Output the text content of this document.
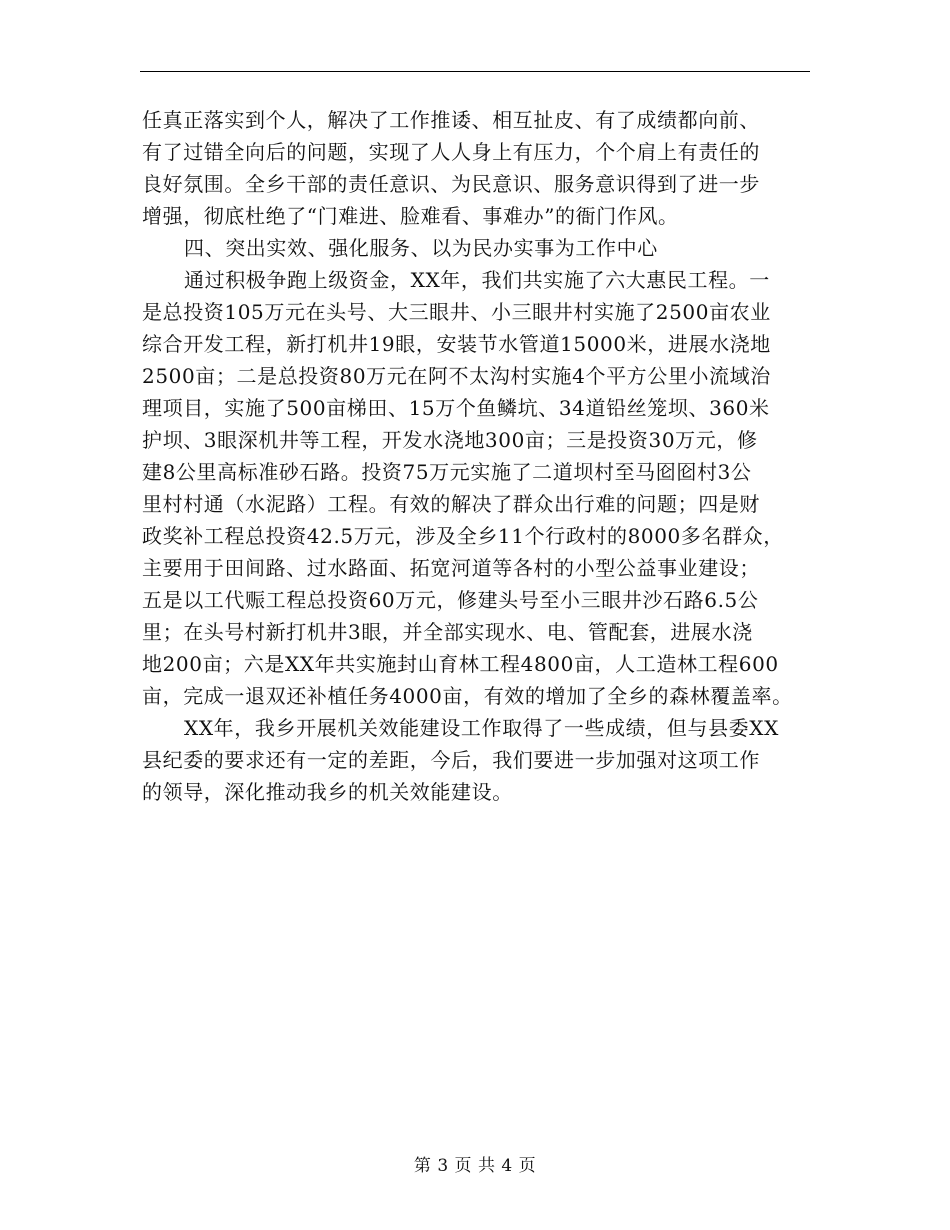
任真正落实到个人，解决了工作推诿、相互扯皮、有了成绩都向前、
有了过错全向后的问题，实现了人人身上有压力，个个肩上有责任的
良好氛围。全乡干部的责任意识、为民意识、服务意识得到了进一步
增强，彻底杜绝了“门难进、脸难看、事难办”的衙门作风。
四、突出实效、强化服务、以为民办实事为工作中心
通过积极争跑上级资金，XX年，我们共实施了六大惠民工程。一
是总投资105万元在头号、大三眼井、小三眼井村实施了2500亩农业
综合开发工程，新打机井19眼，安装节水管道15000米，进展水浇地
2500亩；二是总投资80万元在阿不太沟村实施4个平方公里小流域治
理项目，实施了500亩梯田、15万个鱼鳞坑、34道铅丝笼坝、360米
护坝、3眼深机井等工程，开发水浇地300亩；三是投资30万元，修
建8公里高标准砂石路。投资75万元实施了二道坝村至马囵囵村3公
里村村通（水泥路）工程。有效的解决了群众出行难的问题；四是财
政奖补工程总投资42.5万元，涉及全乡11个行政村的8000多名群众，
主要用于田间路、过水路面、拓宽河道等各村的小型公益事业建设；
五是以工代赈工程总投资60万元，修建头号至小三眼井沙石路6.5公
里；在头号村新打机井3眼，并全部实现水、电、管配套，进展水浇
地200亩；六是XX年共实施封山育林工程4800亩，人工造林工程600
亩，完成一退双还补植任务4000亩，有效的增加了全乡的森林覆盖率。
XX年，我乡开展机关效能建设工作取得了一些成绩，但与县委XX
县纪委的要求还有一定的差距，今后，我们要进一步加强对这项工作
的领导，深化推动我乡的机关效能建设。
第 3 页 共 4 页
